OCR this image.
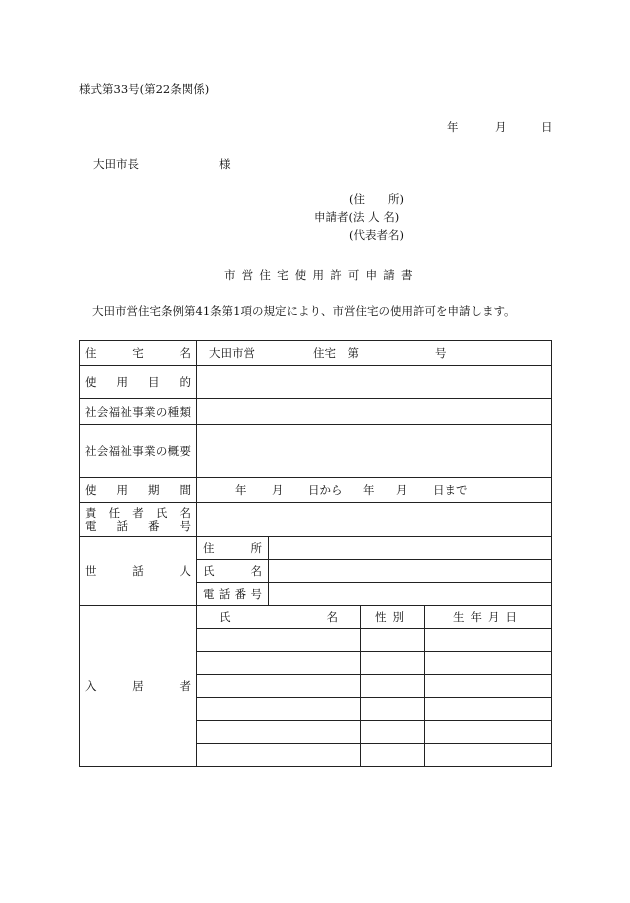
様式第33号(第22条関係)
年	月	日
大田市長	様
(住　　所)
申請者(法 人 名)
(代表者名)
市営住宅使用許可申請書
大田市営住宅条例第41条第1項の規定により、市営住宅の使用許可を申請します。
住宅名	大田市営 住宅　第 号			
使用目的				
社会福祉事業の種類				
社会福祉事業の概要				
使用期間	年 月 日から 年 月 日まで			

責任者氏名
電話番号				

世話人	住所			
	氏名			
	電話番号			
入居者	氏名		性別	生年月日
